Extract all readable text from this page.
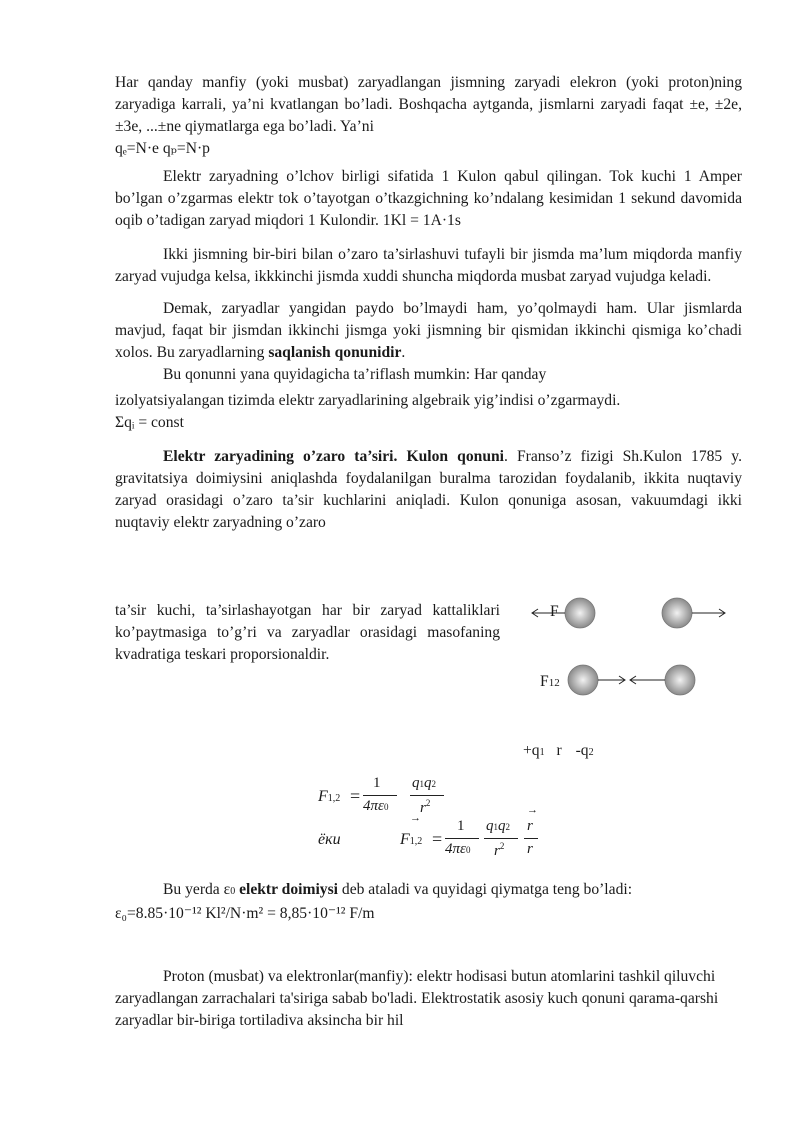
Har qanday manfiy (yoki musbat) zaryadlangan jismning zaryadi elekron (yoki proton)ning zaryadiga karrali, ya’ni kvatlangan bo’ladi. Boshqacha aytganda, jismlarni zaryadi faqat ±e, ±2e, ±3e, ...±ne qiymatlarga ega bo’ladi. Ya’ni

qₑ=N·e qₚ=N·p

Elektr zaryadning o’lchov birligi sifatida 1 Kulon qabul qilingan. Tok kuchi 1 Amper bo’lgan o’zgarmas elektr tok o’tayotgan o’tkazgichning ko’ndalang kesimidan 1 sekund davomida oqib o’tadigan zaryad miqdori 1 Kulondir. 1Kl = 1A·1s

Ikki jismning bir-biri bilan o’zaro ta’sirlashuvi tufayli bir jismda ma’lum miqdorda manfiy zaryad vujudga kelsa, ikkkinchi jismda xuddi shuncha miqdorda musbat zaryad vujudga keladi.

Demak, zaryadlar yangidan paydo bo’lmaydi ham, yo’qolmaydi ham. Ular jismlarda mavjud, faqat bir jismdan ikkinchi jismga yoki jismning bir qismidan ikkinchi qismiga ko’chadi xolos. Bu zaryadlarning saqlanish qonunidir.

Bu qonunni yana quyidagicha ta’riflash mumkin: Har qanday

izolyatsiyalangan tizimda elektr zaryadlarining algebraik yig’indisi o’zgarmaydi.

Σqᵢ = const

Elektr zaryadining o’zaro ta’siri. Kulon qonuni. Franso’z fizigi Sh.Kulon 1785 y. gravitatsiya doimiysini aniqlashda foydalanilgan buralma tarozidan foydalanib, ikkita nuqtaviy zaryad orasidagi o’zaro ta’sir kuchlarini aniqladi. Kulon qonuniga asosan, vakuumdagi ikki nuqtaviy elektr zaryadning o’zaro

ta’sir kuchi, ta’sirlashayotgan har bir zaryad kattaliklari ko’paytmasiga to’g’ri va zaryadlar orasidagi masofaning kvadratiga teskari proporsionaldir.
F
F12
+q1 r -q2
F1,2 =
1
4πε0
q1q2
$r^2$
ёки
→
F1,2 =
1
4πε0
q1q2
$r^2$
→
r
r

Bu yerda ε0 elektr doimiysi deb ataladi va quyidagi qiymatga teng bo’ladi:

ε₀=8.85·10⁻¹² Kl²/N·m² = 8,85·10⁻¹² F/m

Proton (musbat) va elektronlar(manfiy): elektr hodisasi butun atomlarini tashkil qiluvchi zaryadlangan zarrachalari ta'siriga sabab bo'ladi. Elektrostatik asosiy kuch qonuni qarama-qarshi zaryadlar bir-biriga tortiladiva aksincha bir hil
